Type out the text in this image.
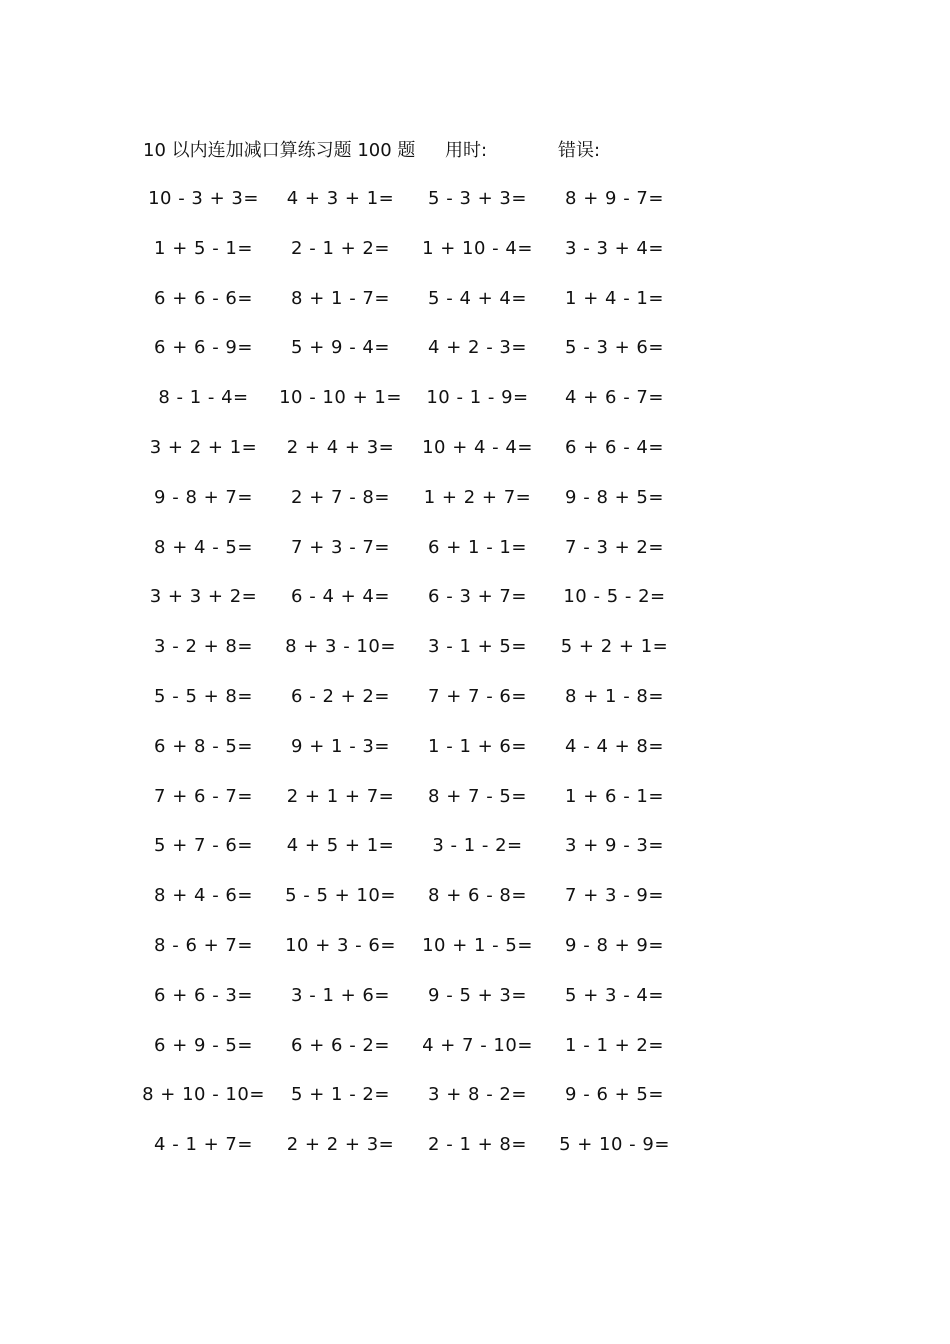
10 以内连加减口算练习题 100 题 用时:	错误:
10 - 3 + 3=	4 + 3 + 1=	5 - 3 + 3=	8 + 9 - 7=
1 + 5 - 1=	2 - 1 + 2=	1 + 10 - 4=	3 - 3 + 4=
6 + 6 - 6=	8 + 1 - 7=	5 - 4 + 4=	1 + 4 - 1=
6 + 6 - 9=	5 + 9 - 4=	4 + 2 - 3=	5 - 3 + 6=
8 - 1 - 4=	10 - 10 + 1=	10 - 1 - 9=	4 + 6 - 7=
3 + 2 + 1=	2 + 4 + 3=	10 + 4 - 4=	6 + 6 - 4=
9 - 8 + 7=	2 + 7 - 8=	1 + 2 + 7=	9 - 8 + 5=
8 + 4 - 5=	7 + 3 - 7=	6 + 1 - 1=	7 - 3 + 2=
3 + 3 + 2=	6 - 4 + 4=	6 - 3 + 7=	10 - 5 - 2=
3 - 2 + 8=	8 + 3 - 10=	3 - 1 + 5=	5 + 2 + 1=
5 - 5 + 8=	6 - 2 + 2=	7 + 7 - 6=	8 + 1 - 8=
6 + 8 - 5=	9 + 1 - 3=	1 - 1 + 6=	4 - 4 + 8=
7 + 6 - 7=	2 + 1 + 7=	8 + 7 - 5=	1 + 6 - 1=
5 + 7 - 6=	4 + 5 + 1=	3 - 1 - 2=	3 + 9 - 3=
8 + 4 - 6=	5 - 5 + 10=	8 + 6 - 8=	7 + 3 - 9=
8 - 6 + 7=	10 + 3 - 6=	10 + 1 - 5=	9 - 8 + 9=
6 + 6 - 3=	3 - 1 + 6=	9 - 5 + 3=	5 + 3 - 4=
6 + 9 - 5=	6 + 6 - 2=	4 + 7 - 10=	1 - 1 + 2=
8 + 10 - 10=	5 + 1 - 2=	3 + 8 - 2=	9 - 6 + 5=
4 - 1 + 7=	2 + 2 + 3=	2 - 1 + 8=	5 + 10 - 9=
